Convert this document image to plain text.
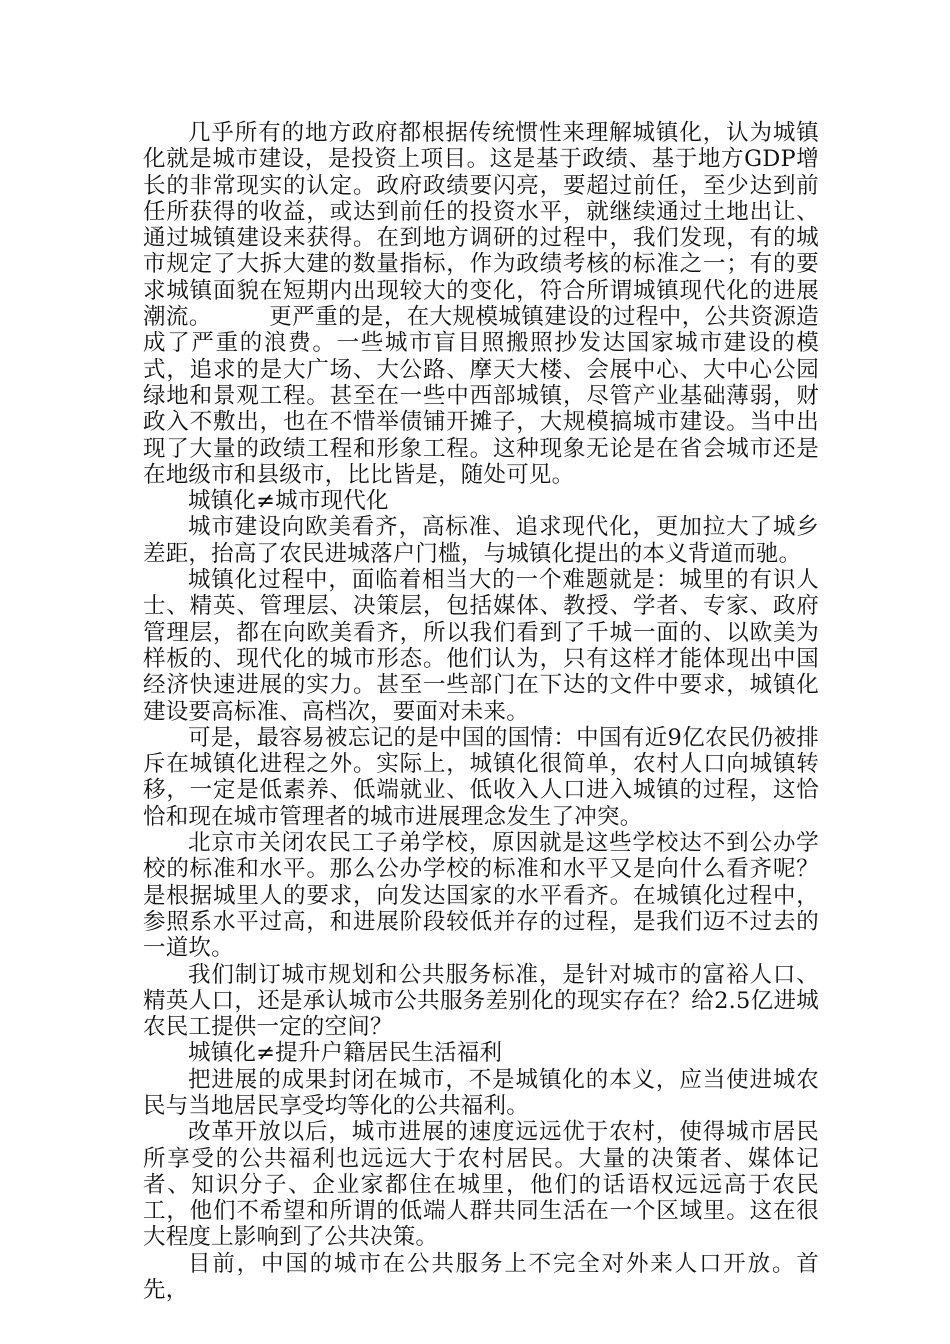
几乎所有的地方政府都根据传统惯性来理解城镇化，认为城镇化就是城市建设，是投资上项目。这是基于政绩、基于地方GDP增长的非常现实的认定。政府政绩要闪亮，要超过前任，至少达到前任所获得的收益，或达到前任的投资水平，就继续通过土地出让、通过城镇建设来获得。在到地方调研的过程中，我们发现，有的城市规定了大拆大建的数量指标，作为政绩考核的标准之一；有的要求城镇面貌在短期内出现较大的变化，符合所谓城镇现代化的进展潮流。　　　更严重的是，在大规模城镇建设的过程中，公共资源造成了严重的浪费。一些城市盲目照搬照抄发达国家城市建设的模式，追求的是大广场、大公路、摩天大楼、会展中心、大中心公园绿地和景观工程。甚至在一些中西部城镇，尽管产业基础薄弱，财政入不敷出，也在不惜举债铺开摊子，大规模搞城市建设。当中出现了大量的政绩工程和形象工程。这种现象无论是在省会城市还是在地级市和县级市，比比皆是，随处可见。

城镇化≠城市现代化

城市建设向欧美看齐，高标准、追求现代化，更加拉大了城乡差距，抬高了农民进城落户门槛，与城镇化提出的本义背道而驰。

城镇化过程中，面临着相当大的一个难题就是：城里的有识人士、精英、管理层、决策层，包括媒体、教授、学者、专家、政府管理层，都在向欧美看齐，所以我们看到了千城一面的、以欧美为样板的、现代化的城市形态。他们认为，只有这样才能体现出中国经济快速进展的实力。甚至一些部门在下达的文件中要求，城镇化建设要高标准、高档次，要面对未来。

可是，最容易被忘记的是中国的国情：中国有近9亿农民仍被排斥在城镇化进程之外。实际上，城镇化很简单，农村人口向城镇转移，一定是低素养、低端就业、低收入人口进入城镇的过程，这恰恰和现在城市管理者的城市进展理念发生了冲突。

北京市关闭农民工子弟学校，原因就是这些学校达不到公办学校的标准和水平。那么公办学校的标准和水平又是向什么看齐呢？是根据城里人的要求，向发达国家的水平看齐。在城镇化过程中，参照系水平过高，和进展阶段较低并存的过程，是我们迈不过去的一道坎。

我们制订城市规划和公共服务标准，是针对城市的富裕人口、精英人口，还是承认城市公共服务差别化的现实存在？给2.5亿进城农民工提供一定的空间？

城镇化≠提升户籍居民生活福利

把进展的成果封闭在城市，不是城镇化的本义，应当使进城农民与当地居民享受均等化的公共福利。

改革开放以后，城市进展的速度远远优于农村，使得城市居民所享受的公共福利也远远大于农村居民。大量的决策者、媒体记者、知识分子、企业家都住在城里，他们的话语权远远高于农民工，他们不希望和所谓的低端人群共同生活在一个区域里。这在很大程度上影响到了公共决策。

目前，中国的城市在公共服务上不完全对外来人口开放。首先，
